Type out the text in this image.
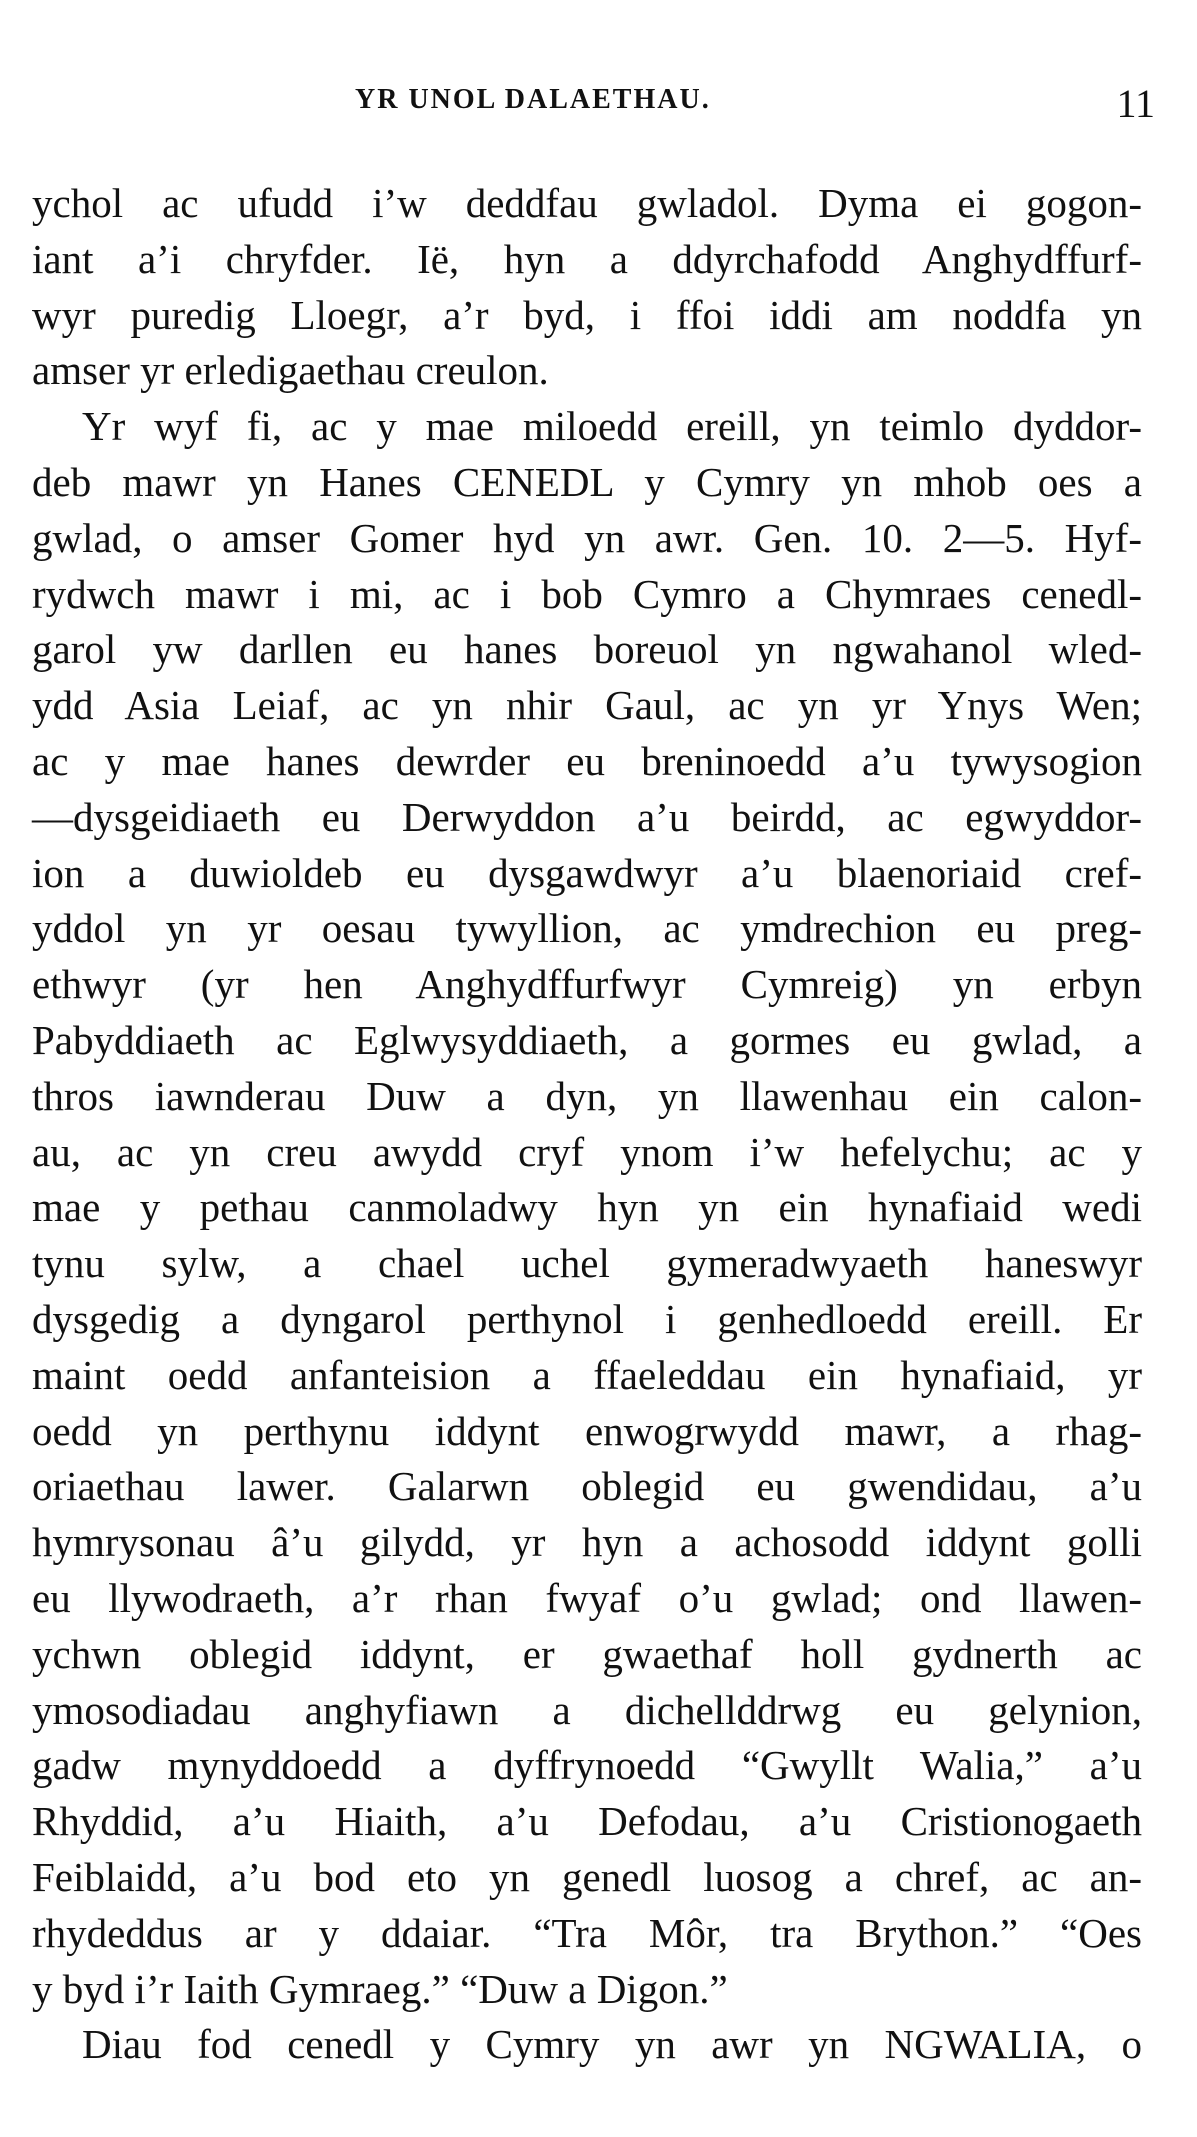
YR UNOL DALAETHAU.	11
ychol ac ufudd i’w deddfau gwladol. Dyma ei gogon-
iant a’i chryfder. Ië, hyn a ddyrchafodd Anghydffurf-
wyr puredig Lloegr, a’r byd, i ffoi iddi am noddfa yn
amser yr erledigaethau creulon.
Yr wyf fi, ac y mae miloedd ereill, yn teimlo dyddor-
deb mawr yn Hanes CENEDL y Cymry yn mhob oes a
gwlad, o amser Gomer hyd yn awr. Gen. 10. 2—5. Hyf-
rydwch mawr i mi, ac i bob Cymro a Chymraes cenedl-
garol yw darllen eu hanes boreuol yn ngwahanol wled-
ydd Asia Leiaf, ac yn nhir Gaul, ac yn yr Ynys Wen;
ac y mae hanes dewrder eu breninoedd a’u tywysogion
—dysgeidiaeth eu Derwyddon a’u beirdd, ac egwyddor-
ion a duwioldeb eu dysgawdwyr a’u blaenoriaid cref-
yddol yn yr oesau tywyllion, ac ymdrechion eu preg-
ethwyr (yr hen Anghydffurfwyr Cymreig) yn erbyn
Pabyddiaeth ac Eglwysyddiaeth, a gormes eu gwlad, a
thros iawnderau Duw a dyn, yn llawenhau ein calon-
au, ac yn creu awydd cryf ynom i’w hefelychu; ac y
mae y pethau canmoladwy hyn yn ein hynafiaid wedi
tynu sylw, a chael uchel gymeradwyaeth haneswyr
dysgedig a dyngarol perthynol i genhedloedd ereill. Er
maint oedd anfanteision a ffaeleddau ein hynafiaid, yr
oedd yn perthynu iddynt enwogrwydd mawr, a rhag-
oriaethau lawer. Galarwn oblegid eu gwendidau, a’u
hymrysonau â’u gilydd, yr hyn a achosodd iddynt golli
eu llywodraeth, a’r rhan fwyaf o’u gwlad; ond llawen-
ychwn oblegid iddynt, er gwaethaf holl gydnerth ac
ymosodiadau anghyfiawn a dichellddrwg eu gelynion,
gadw mynyddoedd a dyffrynoedd “Gwyllt Walia,” a’u
Rhyddid, a’u Hiaith, a’u Defodau, a’u Cristionogaeth
Feiblaidd, a’u bod eto yn genedl luosog a chref, ac an-
rhydeddus ar y ddaiar. “Tra Môr, tra Brython.” “Oes
y byd i’r Iaith Gymraeg.” “Duw a Digon.”
Diau fod cenedl y Cymry yn awr yn NGWALIA, o
